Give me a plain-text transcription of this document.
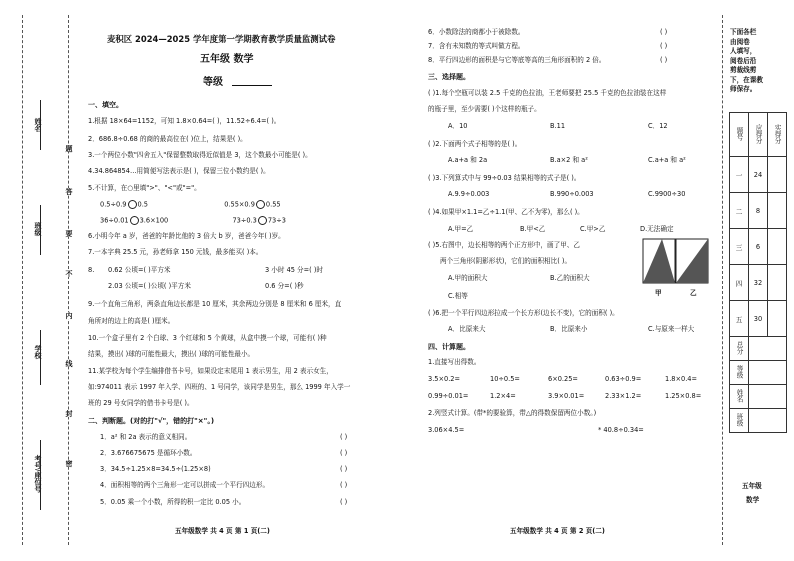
姓名
班级
学校
考号/座位号
题
答
要
不
内
线
封
密
麦积区 2024—2025 学年度第一学期教育教学质量监测试卷
五年级 数学
等级
一、填空。
1.根据 18×64=1152，可知 1.8×0.64=( )，11.52÷6.4=( )。
2．686.8÷0.68 的商的最高位在( )位上，结果是( )。
3.一个两位小数"四舍五入"保留整数取得近似值是 3，这个数最小可能是( )。
4.34.864854…用简便写法表示是( )，保留三位小数约是( )。
5.不计算，在○里填">"、"<"或"="。
0.5÷0.9 0.5	0.55×0.9 0.55
36÷0.01 3.6×100	73÷0.3 73÷3
6.小明今年 a 岁，爸爸的年龄比他的 3 倍大 b 岁，爸爸今年( )岁。
7.一本字典 25.5 元，孙老师拿 150 元钱，最多能买( )本。
8. 0.62 公顷=( )平方米	3 小时 45 分=( )时
2.03 公顷=( )公顷( )平方米	0.6 分=( )秒
9.一个直角三角形，两条直角边长都是 10 厘米，其余两边分别是 8 厘米和 6 厘米，直
角所对的边上的高是( )厘米。
10.一个盒子里有 2 个白球、3 个红球和 5 个黄球，从盒中摸一个球，可能有( )种
结果，摸出( )球的可能性最大，摸出( )球的可能性最小。
11.某学校为每个学生编排借书卡号，如果设定末尾用 1 表示男生，用 2 表示女生，
如:974011 表示 1997 年入学、四班的、1 号同学，该同学是男生，那么 1999 年入学一
班的 29 号女同学的借书卡号是( )。
二、判断题。(对的打"√"，错的打"×"。)
1．a² 和 2a 表示的意义相同。
2．3.676675675 是循环小数。
3．34.5÷1.25×8=34.5÷(1.25×8)
4．面积相等的两个三角形一定可以拼成一个平行四边形。
5．0.05 乘一个小数，所得的积一定比 0.05 小。
( )
( )
( )
( )
( )
五年级数学 共 4 页 第 1 页(二)
6．小数除法的商都小于被除数。
7．含有未知数的等式叫做方程。
8．平行四边形的面积是与它等底等高的三角形面积的 2 倍。
( )
( )
( )
三、选择题。
( )1.每个空瓶可以装 2.5 千克的色拉油，王老师要把 25.5 千克的色拉油装在这样
的瓶子里，至少需要( )个这样的瓶子。
A．10	B.11	C．12
( )2.下面两个式子相等的是( )。
A.a+a 和 2a	B.a×2 和 a²	C.a+a 和 a²
( )3.下列算式中与 99÷0.03 结果相等的式子是( )。
A.9.9÷0.003	B.990÷0.003	C.9900÷30
( )4.如果甲×1.1=乙÷1.1(甲、乙不为零)，那么( )。
A.甲=乙	B.甲<乙	C.甲>乙	D.无法确定
( )5.右图中，边长相等的两个正方形中，画了甲、乙
两个三角形(阴影形状)，它们的面积相比( )。
A.甲的面积大	B.乙的面积大
C.相等	甲	乙
( )6.把一个平行四边形拉成一个长方形(边长不变)，它的面积( )。
A．比原来大	B．比原来小	C.与原来一样大
四、计算题。
1.直接写出得数。
3.5×0.2=	10÷0.5=	6×0.25=	0.63÷0.9=	1.8×0.4=
0.99÷0.01=	1.2×4=	3.9×0.01=	2.33×1.2=	1.25×0.8=
2.列竖式计算。(带*的要验算，带△的得数保留两位小数。)
3.06×4.5=	* 40.8÷0.34=
五年级数学 共 4 页 第 2 页(二)
下面各栏
由阅卷
人填写，
阅卷后沿
剪裁线剪
下，在课教
师保存。
题号	应得分	实得分
一	24	
二	8	
三	6	
四	32	
五	30	
总分		
等级		
姓名		
班级		
五年级
数学
